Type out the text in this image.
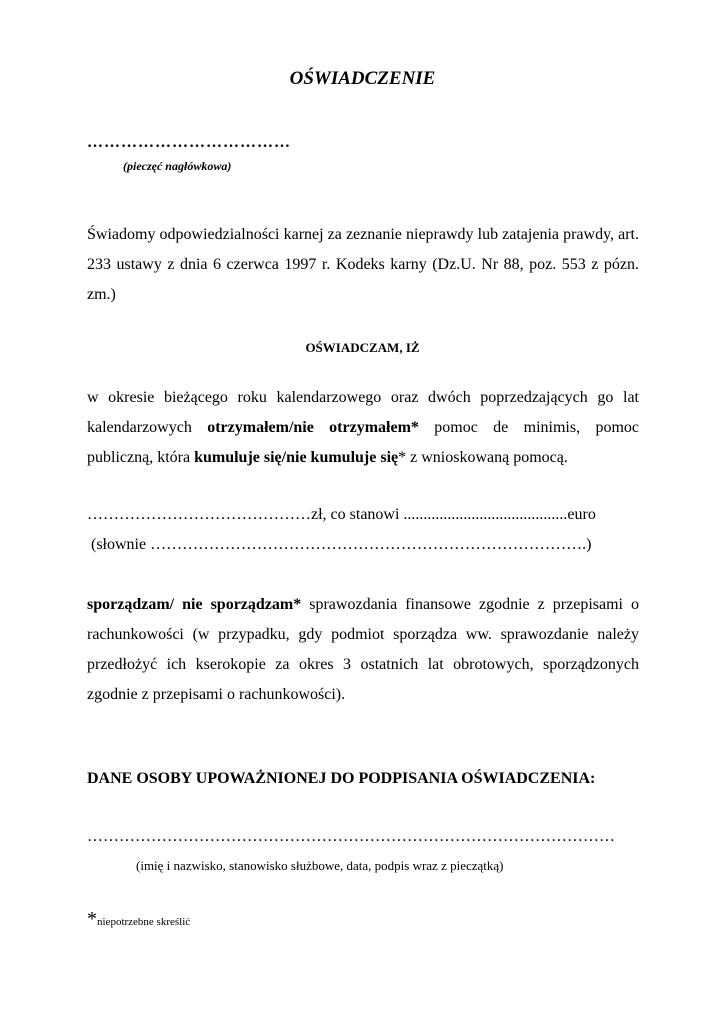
OŚWIADCZENIE
………………………………
(pieczęć nagłówkowa)

Świadomy odpowiedzialności karnej za zeznanie nieprawdy lub zatajenia prawdy, art. 233 ustawy z dnia 6 czerwca 1997 r. Kodeks karny (Dz.U. Nr 88, poz. 553 z pózn. zm.)

OŚWIADCZAM, IŻ

w okresie bieżącego roku kalendarzowego oraz dwóch poprzedzających go lat kalendarzowych otrzymałem/nie otrzymałem* pomoc de minimis, pomoc publiczną, która kumuluje się/nie kumuluje się* z wnioskowaną pomocą.

……………………………………zł, co stanowi .........................................euro
(słownie ……………………………………………………………………….)

sporządzam/ nie sporządzam* sprawozdania finansowe zgodnie z przepisami o rachunkowości (w przypadku, gdy podmiot sporządza ww. sprawozdanie należy przedłożyć ich kserokopie za okres 3 ostatnich lat obrotowych, sporządzonych zgodnie z przepisami o rachunkowości).

DANE OSOBY UPOWAŻNIONEJ DO PODPISANIA OŚWIADCZENIA:
………………………………………………………………………………………
(imię i nazwisko, stanowisko służbowe, data, podpis wraz z pieczątką)
*niepotrzebne skreślić
